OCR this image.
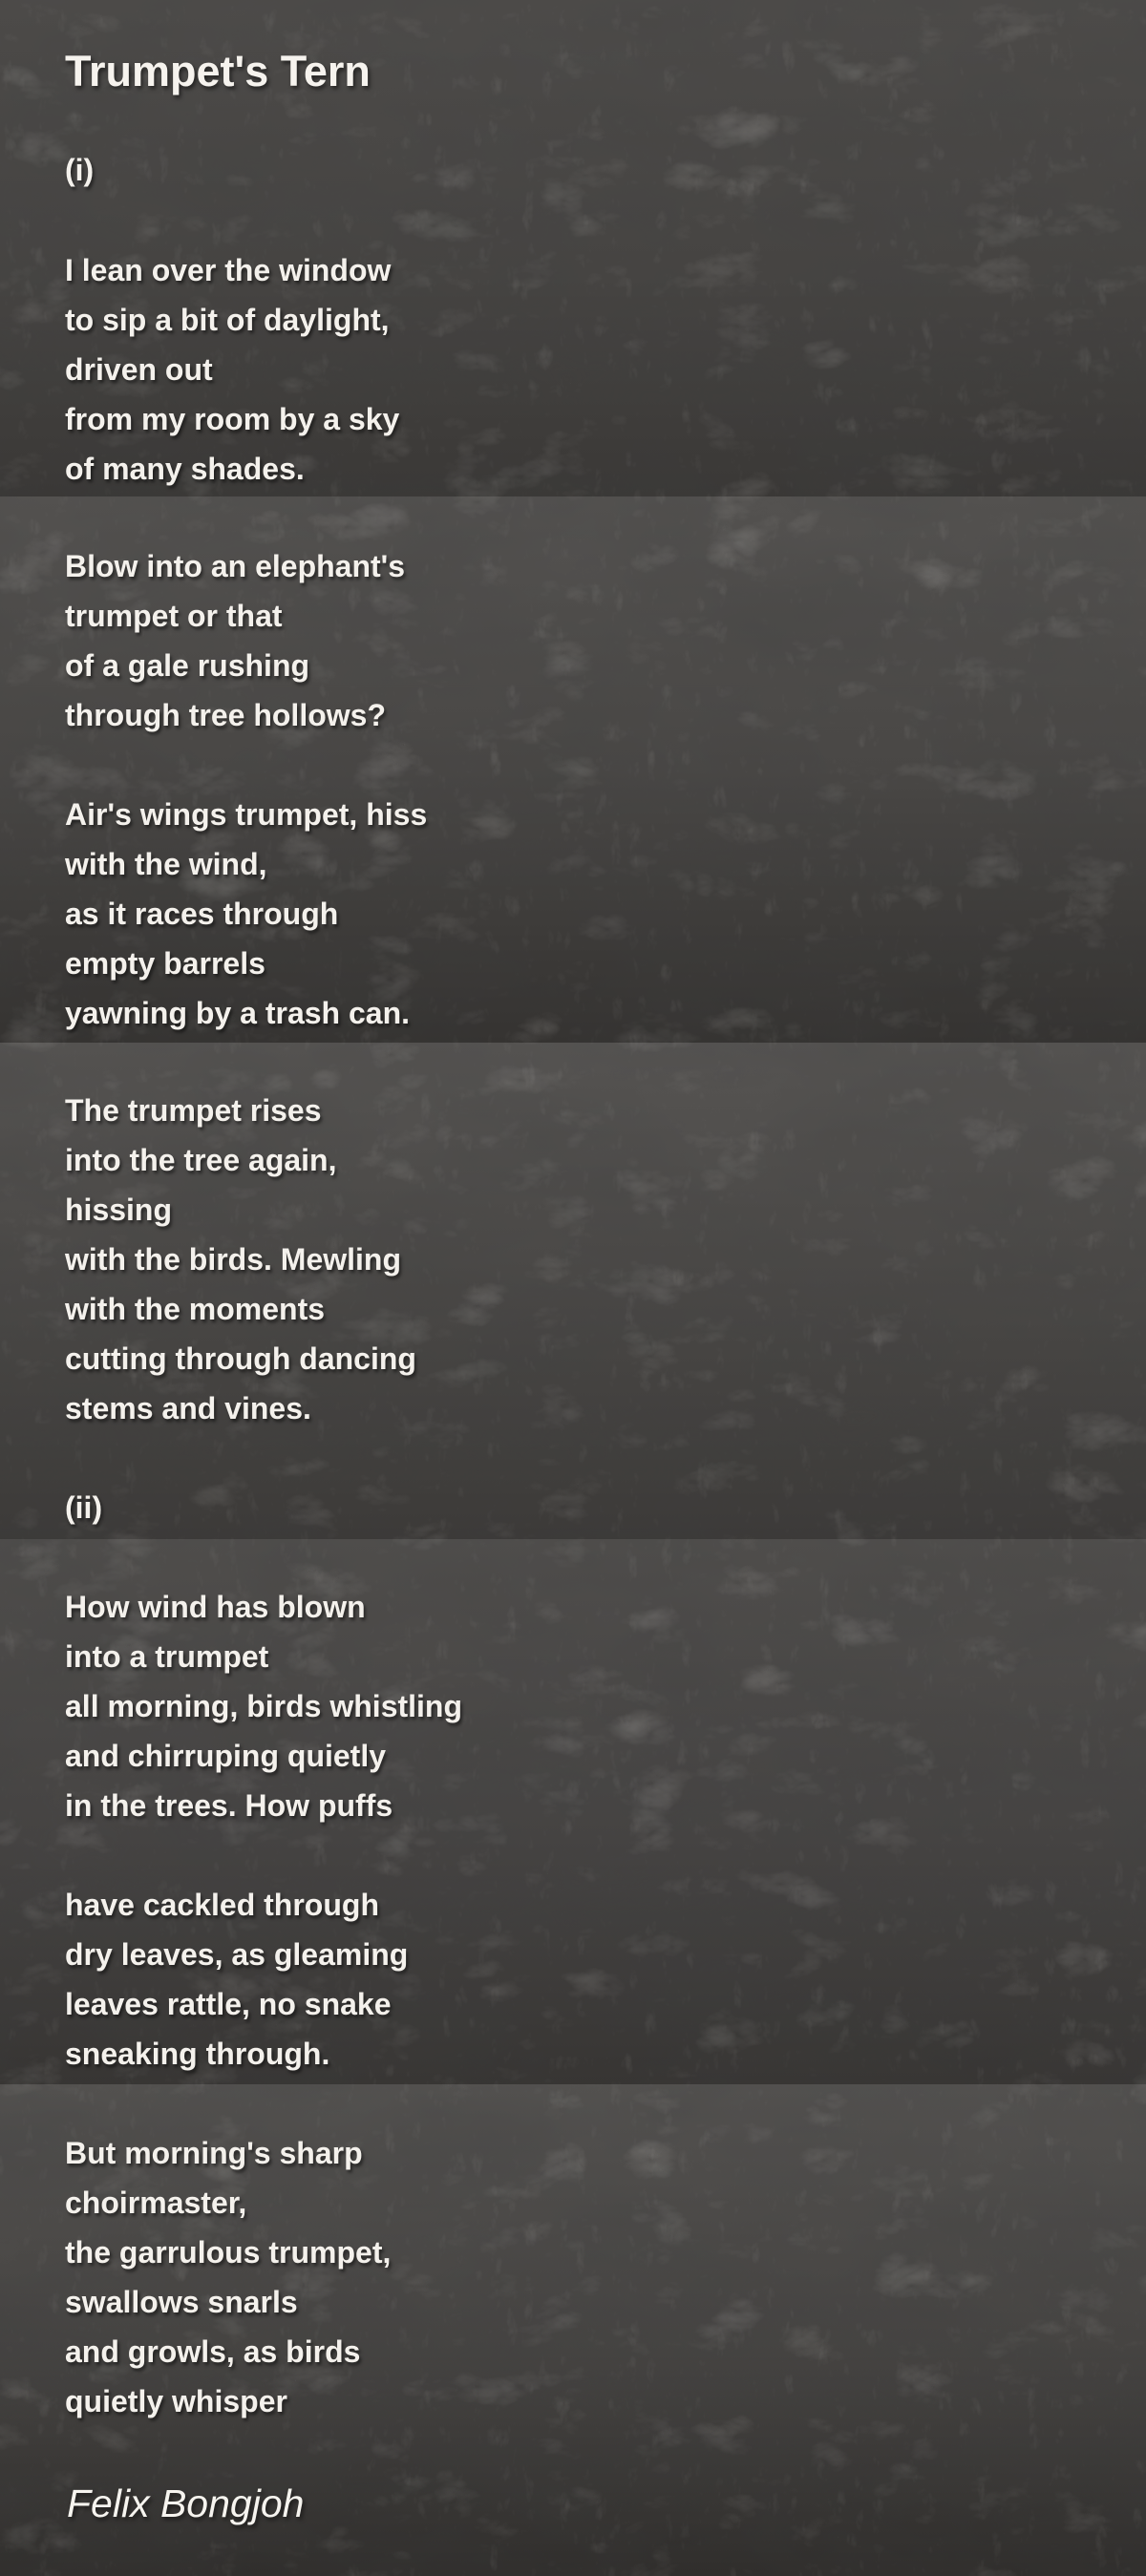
Trumpet's Tern
(i)

I lean over the window

to sip a bit of daylight,

driven out

from my room by a sky

of many shades.

Blow into an elephant's

trumpet or that

of a gale rushing

through tree hollows?

Air's wings trumpet, hiss

with the wind,

as it races through

empty barrels

yawning by a trash can.

The trumpet rises

into the tree again,

hissing

with the birds. Mewling

with the moments

cutting through dancing

stems and vines.

(ii)

How wind has blown

into a trumpet

all morning, birds whistling

and chirruping quietly

in the trees. How puffs

have cackled through

dry leaves, as gleaming

leaves rattle, no snake

sneaking through.

But morning's sharp

choirmaster,

the garrulous trumpet,

swallows snarls

and growls, as birds

quietly whisper

Felix Bongjoh
